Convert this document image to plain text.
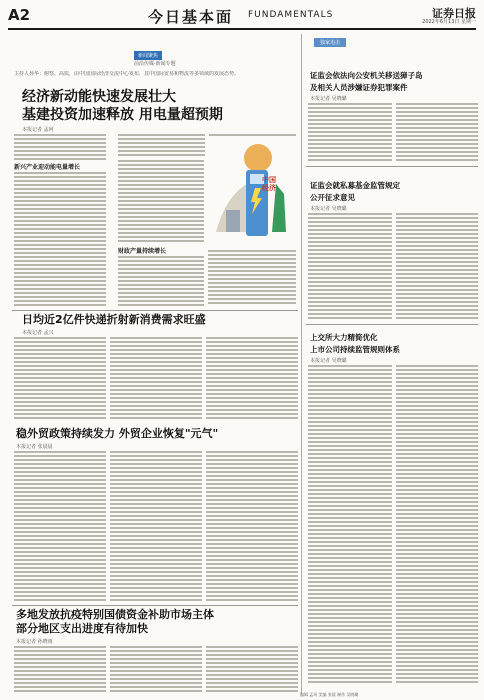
A2	今日基本面 FUNDAMENTALS	证券日报
2022年6月13日 星期一
新闻聚焦
前沿传媒·新闻专题
主持人孙华：俯察、高质，由中国国际经济交流中心发布，其中国际贸易和物流等多领域的发展态势。
经济新动能快速发展壮大
基建投资加速释放 用电量超预期
本报记者 孟珂
新兴产业迎动能电量增长
中国经济
财政产量持续增长
日均近2亿件快递折射新消费需求旺盛
本报记者 孟兴
稳外贸政策持续发力 外贸企业恢复"元气"
本报记者 张晨晨
多地发放抗疫特别国债资金补助市场主体
部分地区支出进度有待加快
本报记者 孙晓雨
独家追击
证监会依法向公安机关移送獐子岛
及相关人员涉嫌证券犯罪案件
本报记者 吴晓璐
证监会就私募基金监管规定
公开征求意见
本报记者 吴晓璐
上交所大力精简优化
上市公司持续监管规则体系
本报记者 吴晓璐
编辑 孟珂 美编 张晨 制作 吴晓璐
